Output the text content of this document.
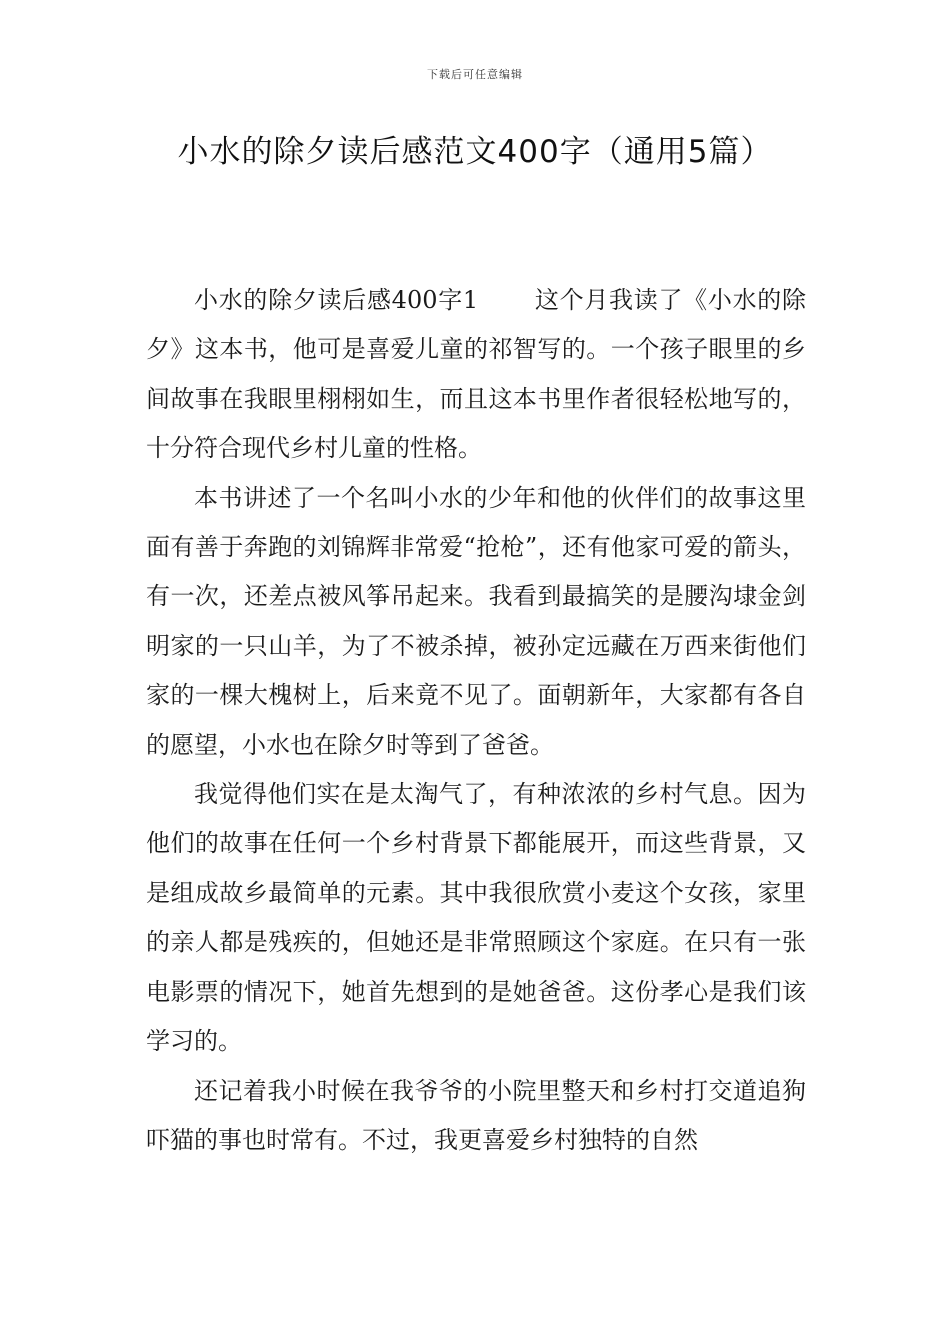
下载后可任意编辑
小水的除夕读后感范文400字（通用5篇）

小水的除夕读后感400字1 这个月我读了《小水的除夕》这本书，他可是喜爱儿童的祁智写的。一个孩子眼里的乡间故事在我眼里栩栩如生，而且这本书里作者很轻松地写的，十分符合现代乡村儿童的性格。

本书讲述了一个名叫小水的少年和他的伙伴们的故事这里面有善于奔跑的刘锦辉非常爱“抢枪”，还有他家可爱的箭头，有一次，还差点被风筝吊起来。我看到最搞笑的是腰沟埭金剑明家的一只山羊，为了不被杀掉，被孙定远藏在万西来街他们家的一棵大槐树上，后来竟不见了。面朝新年，大家都有各自的愿望，小水也在除夕时等到了爸爸。

我觉得他们实在是太淘气了，有种浓浓的乡村气息。因为他们的故事在任何一个乡村背景下都能展开，而这些背景，又是组成故乡最简单的元素。其中我很欣赏小麦这个女孩，家里的亲人都是残疾的，但她还是非常照顾这个家庭。在只有一张电影票的情况下，她首先想到的是她爸爸。这份孝心是我们该学习的。

还记着我小时候在我爷爷的小院里整天和乡村打交道追狗吓猫的事也时常有。不过，我更喜爱乡村独特的自然
